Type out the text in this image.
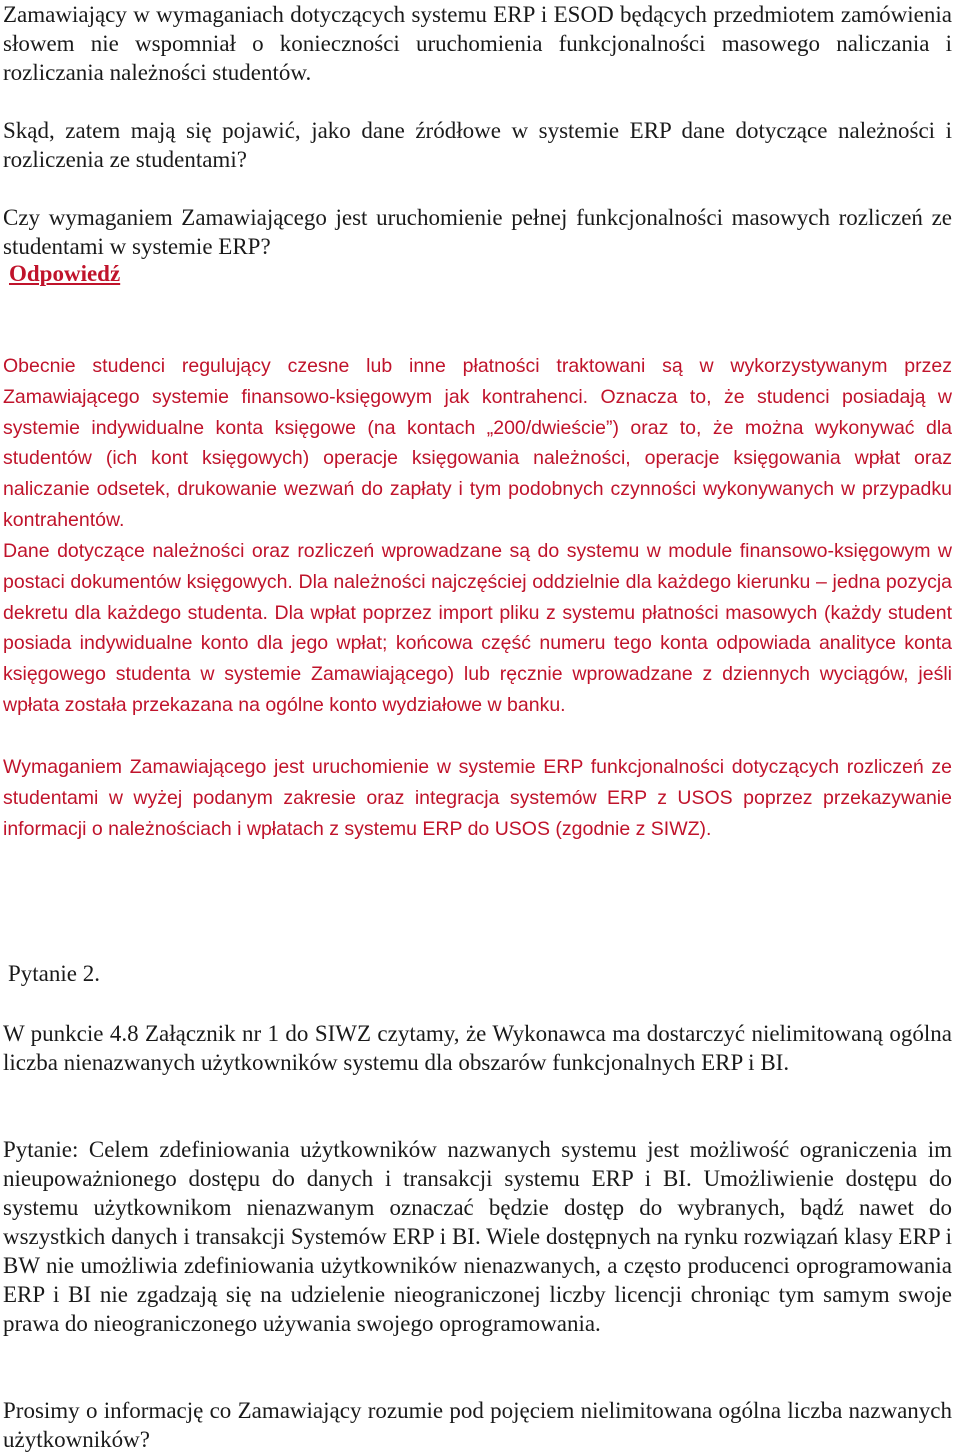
Zamawiający w wymaganiach dotyczących systemu ERP i ESOD będących przedmiotem zamówienia słowem nie wspomniał o konieczności uruchomienia funkcjonalności masowego naliczania i rozliczania należności studentów.

Skąd, zatem mają się pojawić, jako dane źródłowe w systemie ERP dane dotyczące należności i rozliczenia ze studentami?

Czy wymaganiem Zamawiającego jest uruchomienie pełnej funkcjonalności masowych rozliczeń ze studentami w systemie ERP?

Odpowiedź

Obecnie studenci regulujący czesne lub inne płatności traktowani są w wykorzystywanym przez Zamawiającego systemie finansowo-księgowym jak kontrahenci. Oznacza to, że studenci posiadają w systemie indywidualne konta księgowe (na kontach „200/dwieście”) oraz to, że można wykonywać dla studentów (ich kont księgowych) operacje księgowania należności, operacje księgowania wpłat oraz naliczanie odsetek, drukowanie wezwań do zapłaty i tym podobnych czynności wykonywanych w przypadku kontrahentów.

Dane dotyczące należności oraz rozliczeń wprowadzane są do systemu w module finansowo-księgowym w postaci dokumentów księgowych. Dla należności najczęściej oddzielnie dla każdego kierunku – jedna pozycja dekretu dla każdego studenta. Dla wpłat poprzez import pliku z systemu płatności masowych (każdy student posiada indywidualne konto dla jego wpłat; końcowa część numeru tego konta odpowiada analityce konta księgowego studenta w systemie Zamawiającego) lub ręcznie wprowadzane z dziennych wyciągów, jeśli wpłata została przekazana na ogólne konto wydziałowe w banku.

Wymaganiem Zamawiającego jest uruchomienie w systemie ERP funkcjonalności dotyczących rozliczeń ze studentami w wyżej podanym zakresie oraz integracja systemów ERP z USOS poprzez przekazywanie informacji o należnościach i wpłatach z systemu ERP do USOS (zgodnie z SIWZ).

Pytanie 2.

W punkcie 4.8 Załącznik nr 1 do SIWZ czytamy, że Wykonawca ma dostarczyć nielimitowaną ogólna liczba nienazwanych użytkowników systemu dla obszarów funkcjonalnych ERP i BI.

Pytanie: Celem zdefiniowania użytkowników nazwanych systemu jest możliwość ograniczenia im nieupoważnionego dostępu do danych i transakcji systemu ERP i BI. Umożliwienie dostępu do systemu użytkownikom nienazwanym oznaczać będzie dostęp do wybranych, bądź nawet do wszystkich danych i transakcji Systemów ERP i BI. Wiele dostępnych na rynku rozwiązań klasy ERP i BW nie umożliwia zdefiniowania użytkowników nienazwanych, a często producenci oprogramowania ERP i BI nie zgadzają się na udzielenie nieograniczonej liczby licencji chroniąc tym samym swoje prawa do nieograniczonego używania swojego oprogramowania.

Prosimy o informację co Zamawiający rozumie pod pojęciem nielimitowana ogólna liczba nazwanych użytkowników?
